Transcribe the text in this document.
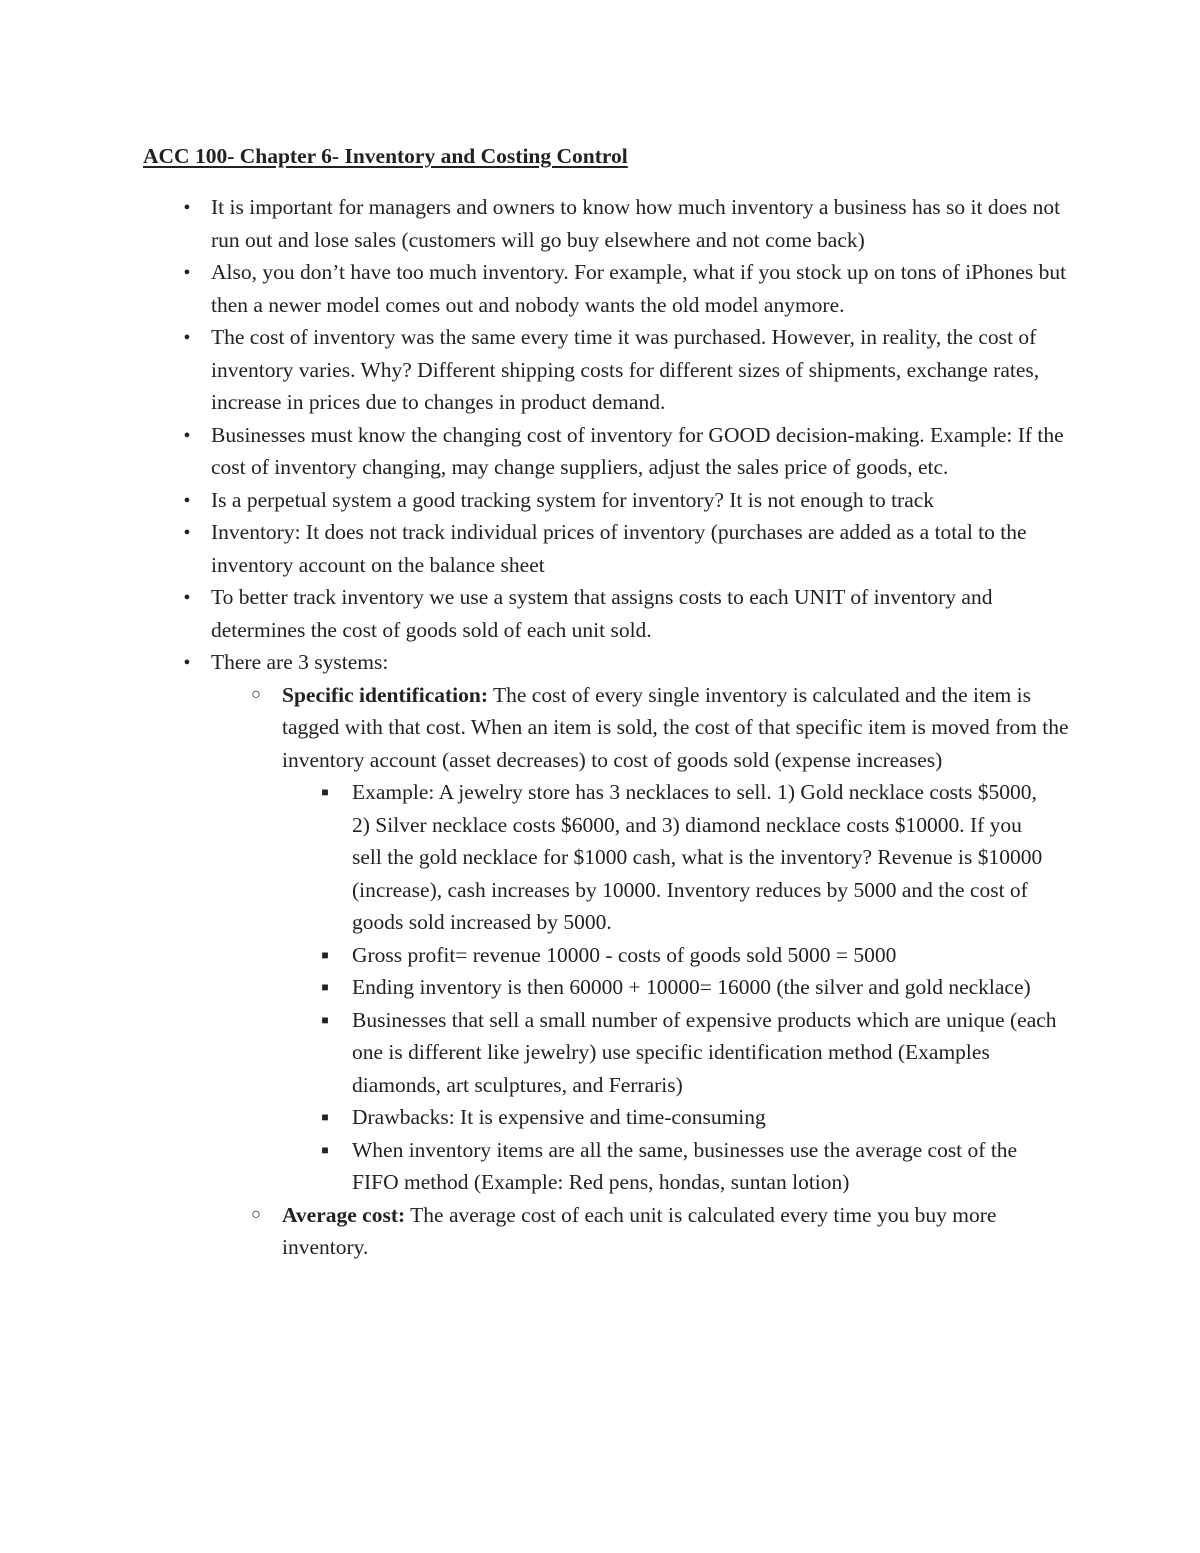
ACC 100- Chapter 6- Inventory and Costing Control
● It is important for managers and owners to know how much inventory a business has so it does not run out and lose sales (customers will go buy elsewhere and not come back)
● Also, you don’t have too much inventory. For example, what if you stock up on tons of iPhones but then a newer model comes out and nobody wants the old model anymore.
● The cost of inventory was the same every time it was purchased. However, in reality, the cost of inventory varies. Why? Different shipping costs for different sizes of shipments, exchange rates, increase in prices due to changes in product demand.
● Businesses must know the changing cost of inventory for GOOD decision-making. Example: If the cost of inventory changing, may change suppliers, adjust the sales price of goods, etc.
● Is a perpetual system a good tracking system for inventory? It is not enough to track
● Inventory: It does not track individual prices of inventory (purchases are added as a total to the inventory account on the balance sheet
● To better track inventory we use a system that assigns costs to each UNIT of inventory and determines the cost of goods sold of each unit sold.
● There are 3 systems:
○ Specific identification: The cost of every single inventory is calculated and the item is tagged with that cost. When an item is sold, the cost of that specific item is moved from the inventory account (asset decreases) to cost of goods sold (expense increases)
■ Example: A jewelry store has 3 necklaces to sell. 1) Gold necklace costs $5000, 2) Silver necklace costs $6000, and 3) diamond necklace costs $10000. If you sell the gold necklace for $1000 cash, what is the inventory? Revenue is $10000 (increase), cash increases by 10000. Inventory reduces by 5000 and the cost of goods sold increased by 5000.
■ Gross profit= revenue 10000 - costs of goods sold 5000 = 5000
■ Ending inventory is then 60000 + 10000= 16000 (the silver and gold necklace)
■ Businesses that sell a small number of expensive products which are unique (each one is different like jewelry) use specific identification method (Examples diamonds, art sculptures, and Ferraris)
■ Drawbacks: It is expensive and time-consuming
■ When inventory items are all the same, businesses use the average cost of the FIFO method (Example: Red pens, hondas, suntan lotion)
○ Average cost: The average cost of each unit is calculated every time you buy more inventory.
